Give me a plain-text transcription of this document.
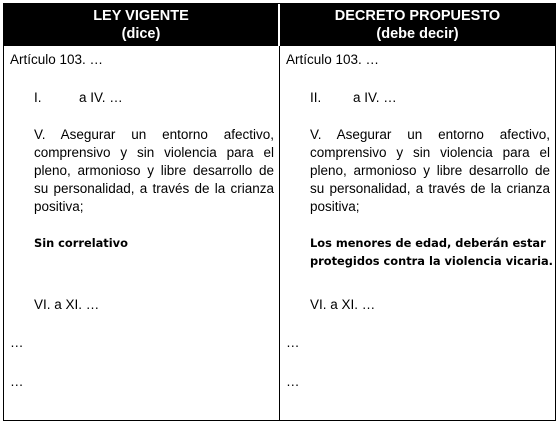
LEY VIGENTE
(dice)
DECRETO PROPUESTO
(debe decir)
Artículo 103. …
I.	a IV. …
V. Asegurar un entorno afectivo, comprensivo y sin violencia para el pleno, armonioso y libre desarrollo de su personalidad, a través de la crianza positiva;
Sin correlativo
VI. a XI. …
…
…
Artículo 103. …
II. a IV. …
V. Asegurar un entorno afectivo, comprensivo y sin violencia para el pleno, armonioso y libre desarrollo de su personalidad, a través de la crianza positiva;
Los menores de edad, deberán estar protegidos contra la violencia vicaria.
VI. a XI. …
…
…
